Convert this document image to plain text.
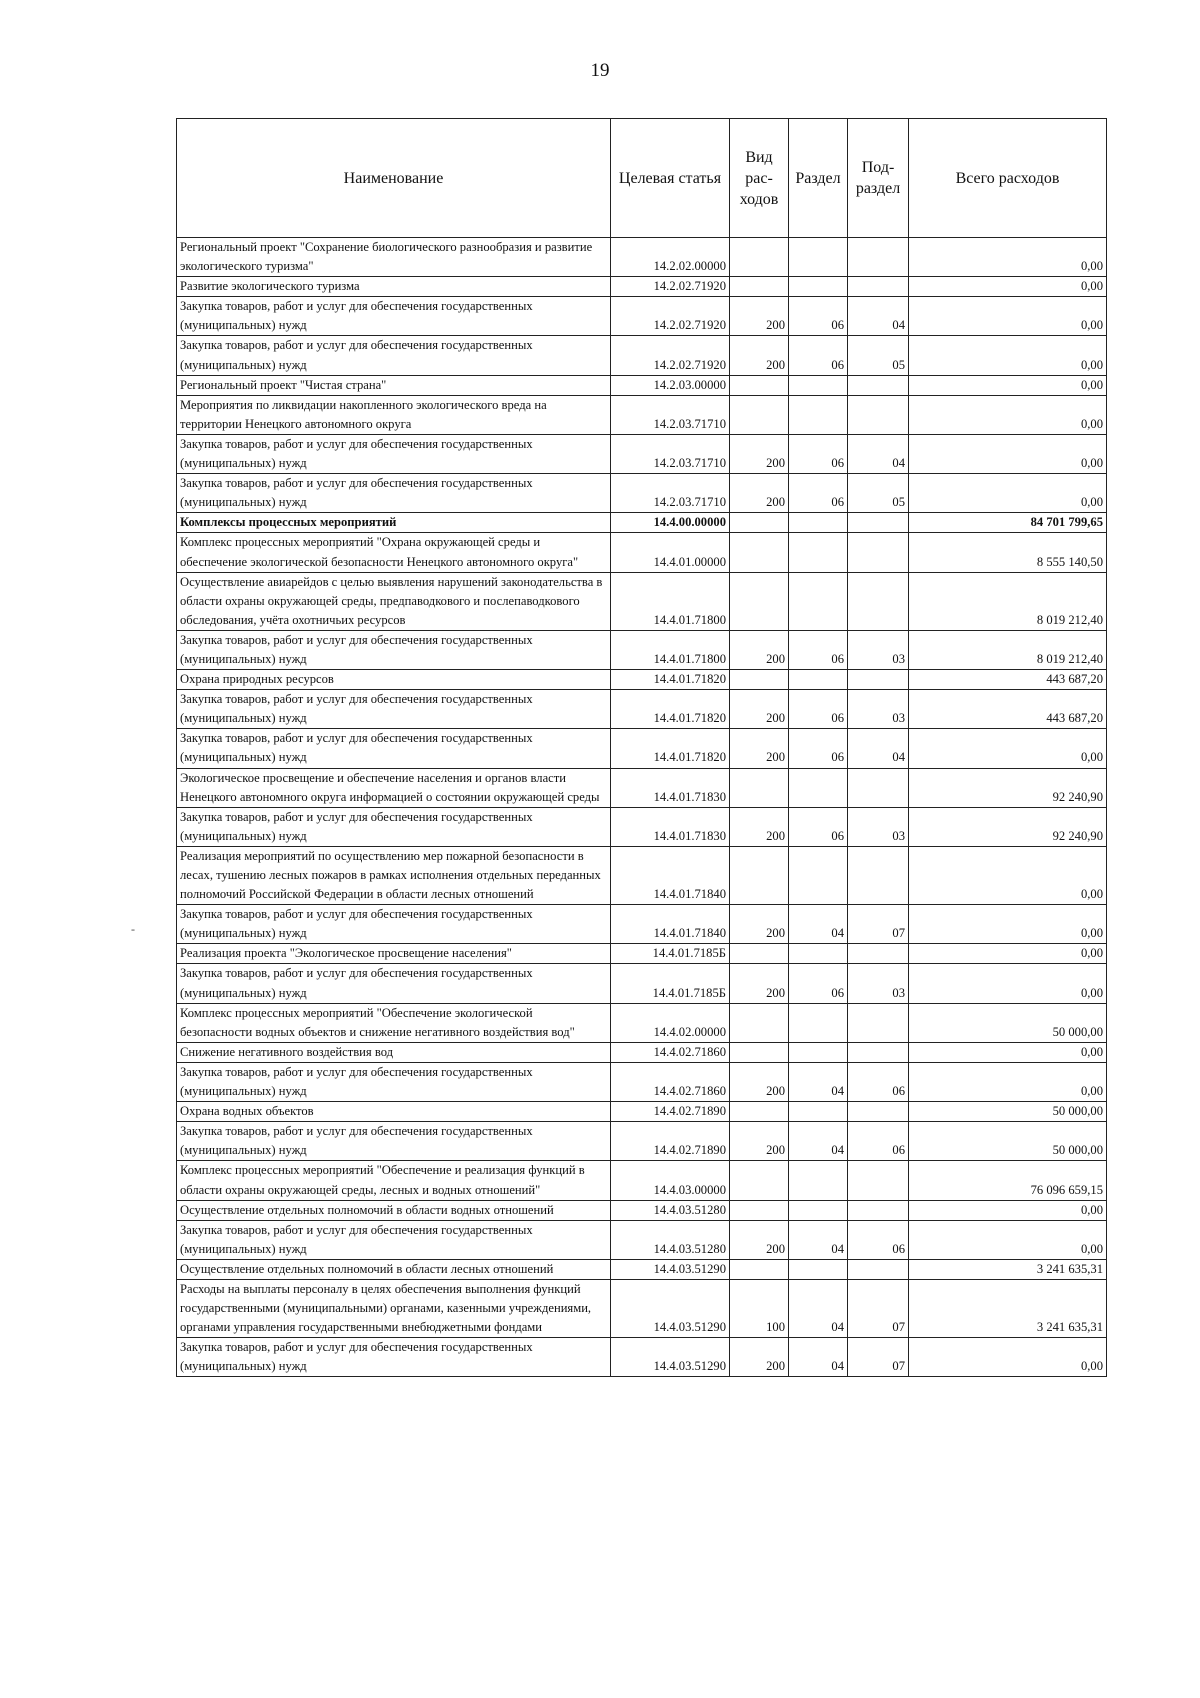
19
-
Наименование	Целевая статья	Вид рас-ходов	Раздел	Под-раздел	Всего расходов
Региональный проект "Сохранение биологического разнообразия и развитие экологического туризма"	14.2.02.00000				0,00
Развитие экологического туризма	14.2.02.71920				0,00
Закупка товаров, работ и услуг для обеспечения государственных (муниципальных) нужд	14.2.02.71920	200	06	04	0,00
Закупка товаров, работ и услуг для обеспечения государственных (муниципальных) нужд	14.2.02.71920	200	06	05	0,00
Региональный проект "Чистая страна"	14.2.03.00000				0,00
Мероприятия по ликвидации накопленного экологического вреда на территории Ненецкого автономного округа	14.2.03.71710				0,00
Закупка товаров, работ и услуг для обеспечения государственных (муниципальных) нужд	14.2.03.71710	200	06	04	0,00
Закупка товаров, работ и услуг для обеспечения государственных (муниципальных) нужд	14.2.03.71710	200	06	05	0,00
Комплексы процессных мероприятий	14.4.00.00000				84 701 799,65
Комплекс процессных мероприятий "Охрана окружающей среды и обеспечение экологической безопасности Ненецкого автономного округа"	14.4.01.00000				8 555 140,50
Осуществление авиарейдов с целью выявления нарушений законодательства в области охраны окружающей среды, предпаводкового и послепаводкового обследования, учёта охотничьих ресурсов	14.4.01.71800				8 019 212,40
Закупка товаров, работ и услуг для обеспечения государственных (муниципальных) нужд	14.4.01.71800	200	06	03	8 019 212,40
Охрана природных ресурсов	14.4.01.71820				443 687,20
Закупка товаров, работ и услуг для обеспечения государственных (муниципальных) нужд	14.4.01.71820	200	06	03	443 687,20
Закупка товаров, работ и услуг для обеспечения государственных (муниципальных) нужд	14.4.01.71820	200	06	04	0,00
Экологическое просвещение и обеспечение населения и органов власти Ненецкого автономного округа информацией о состоянии окружающей среды	14.4.01.71830				92 240,90
Закупка товаров, работ и услуг для обеспечения государственных (муниципальных) нужд	14.4.01.71830	200	06	03	92 240,90
Реализация мероприятий по осуществлению мер пожарной безопасности в лесах, тушению лесных пожаров в рамках исполнения отдельных переданных полномочий Российской Федерации в области лесных отношений	14.4.01.71840				0,00
Закупка товаров, работ и услуг для обеспечения государственных (муниципальных) нужд	14.4.01.71840	200	04	07	0,00
Реализация проекта "Экологическое просвещение населения"	14.4.01.7185Б				0,00
Закупка товаров, работ и услуг для обеспечения государственных (муниципальных) нужд	14.4.01.7185Б	200	06	03	0,00
Комплекс процессных мероприятий "Обеспечение экологической безопасности водных объектов и снижение негативного воздействия вод"	14.4.02.00000				50 000,00
Снижение негативного воздействия вод	14.4.02.71860				0,00
Закупка товаров, работ и услуг для обеспечения государственных (муниципальных) нужд	14.4.02.71860	200	04	06	0,00
Охрана водных объектов	14.4.02.71890				50 000,00
Закупка товаров, работ и услуг для обеспечения государственных (муниципальных) нужд	14.4.02.71890	200	04	06	50 000,00
Комплекс процессных мероприятий "Обеспечение и реализация функций в области охраны окружающей среды, лесных и водных отношений"	14.4.03.00000				76 096 659,15
Осуществление отдельных полномочий в области водных отношений	14.4.03.51280				0,00
Закупка товаров, работ и услуг для обеспечения государственных (муниципальных) нужд	14.4.03.51280	200	04	06	0,00
Осуществление отдельных полномочий в области лесных отношений	14.4.03.51290				3 241 635,31
Расходы на выплаты персоналу в целях обеспечения выполнения функций государственными (муниципальными) органами, казенными учреждениями, органами управления государственными внебюджетными фондами	14.4.03.51290	100	04	07	3 241 635,31
Закупка товаров, работ и услуг для обеспечения государственных (муниципальных) нужд	14.4.03.51290	200	04	07	0,00
